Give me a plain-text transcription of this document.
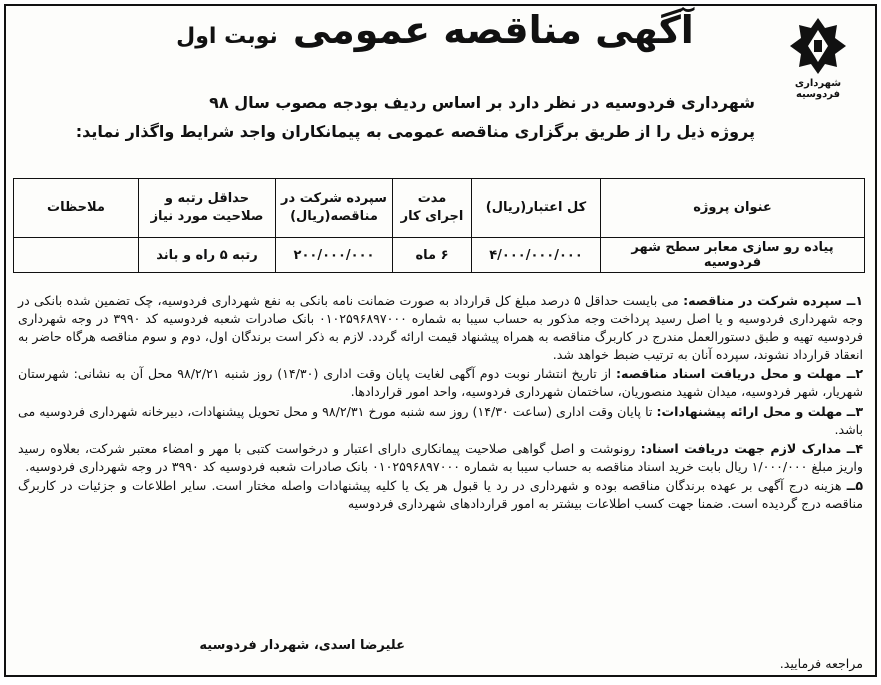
شهرداری فردوسیه
آگهی مناقصه عمومی نوبت اول
شهرداری فردوسیه در نظر دارد بر اساس ردیف بودجه مصوب سال ۹۸
پروژه ذیل را از طریق برگزاری مناقصه عمومی به پیمانکاران واجد شرایط واگذار نماید:
عنوان پروژه	کل اعتبار(ریال)	مدت اجرای کار	سپرده شرکت در مناقصه(ریال)	حداقل رتبه و صلاحیت مورد نیاز	ملاحظات
پیاده رو سازی معابر سطح شهر فردوسیه	۴/۰۰۰/۰۰۰/۰۰۰	۶ ماه	۲۰۰/۰۰۰/۰۰۰	رتبه ۵ راه و باند	

۱ــ سپرده شرکت در مناقصه: می بایست حداقل ۵ درصد مبلغ کل قرارداد به صورت ضمانت نامه بانکی به نفع شهرداری فردوسیه، چک تضمین شده بانکی در وجه شهرداری فردوسیه و یا اصل رسید پرداخت وجه مذکور به حساب سیبا به شماره ۰۱۰۲۵۹۶۸۹۷۰۰۰ بانک صادرات شعبه فردوسیه کد ۳۹۹۰ در وجه شهرداری فردوسیه تهیه و طبق دستورالعمل مندرج در کاربرگ مناقصه به همراه پیشنهاد قیمت ارائه گردد. لازم به ذکر است برندگان اول، دوم و سوم مناقصه هرگاه حاضر به انعقاد قرارداد نشوند، سپرده آنان به ترتیب ضبط خواهد شد.

۲ــ مهلت و محل دریافت اسناد مناقصه: از تاریخ انتشار نوبت دوم آگهی لغایت پایان وقت اداری (۱۴/۳۰) روز شنبه ۹۸/۲/۲۱ محل آن به نشانی: شهرستان شهریار، شهر فردوسیه، میدان شهید منصوریان، ساختمان شهرداری فردوسیه، واحد امور قراردادها.

۳ــ مهلت و محل ارائه پیشنهادات: تا پایان وقت اداری (ساعت ۱۴/۳۰) روز سه شنبه مورخ ۹۸/۲/۳۱ و محل تحویل پیشنهادات، دبیرخانه شهرداری فردوسیه می باشد.

۴ــ مدارک لازم جهت دریافت اسناد: رونوشت و اصل گواهی صلاحیت پیمانکاری دارای اعتبار و درخواست کتبی با مهر و امضاء معتبر شرکت، بعلاوه رسید واریز مبلغ ۱/۰۰۰/۰۰۰ ریال بابت خرید اسناد مناقصه به حساب سیبا به شماره ۰۱۰۲۵۹۶۸۹۷۰۰۰ بانک صادرات شعبه فردوسیه کد ۳۹۹۰ در وجه شهرداری فردوسیه.

۵ــ هزینه درج آگهی بر عهده برندگان مناقصه بوده و شهرداری در رد یا قبول هر یک یا کلیه پیشنهادات واصله مختار است. سایر اطلاعات و جزئیات در کاربرگ مناقصه درج گردیده است. ضمنا جهت کسب اطلاعات بیشتر به امور قراردادهای شهرداری فردوسیه

علیرضا اسدی، شهردار فردوسیه
مراجعه فرمایید.
